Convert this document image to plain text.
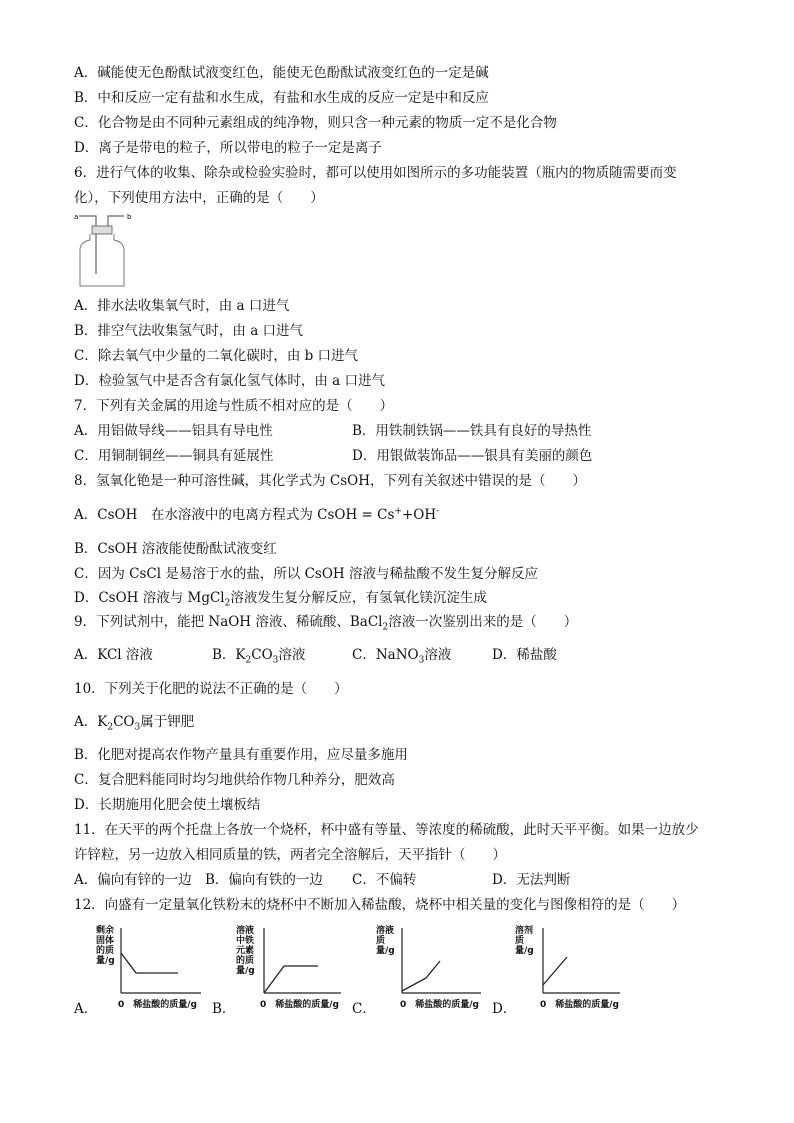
A．碱能使无色酚酞试液变红色，能使无色酚酞试液变红色的一定是碱
B．中和反应一定有盐和水生成，有盐和水生成的反应一定是中和反应
C．化合物是由不同种元素组成的纯净物，则只含一种元素的物质一定不是化合物
D．离子是带电的粒子，所以带电的粒子一定是离子
6．进行气体的收集、除杂或检验实验时，都可以使用如图所示的多功能装置（瓶内的物质随需要而变
化），下列使用方法中，正确的是（　　）
a	b
A．排水法收集氧气时，由 a 口进气
B．排空气法收集氢气时，由 a 口进气
C．除去氧气中少量的二氧化碳时，由 b 口进气
D．检验氢气中是否含有氯化氢气体时，由 a 口进气
7．下列有关金属的用途与性质不相对应的是（　　）
A．用铝做导线——铝具有导电性	B．用铁制铁锅——铁具有良好的导热性
C．用铜制铜丝——铜具有延展性	D．用银做装饰品——银具有美丽的颜色
8．氢氧化铯是一种可溶性碱，其化学式为 CsOH，下列有关叙述中错误的是（　　）
A．CsOH　在水溶液中的电离方程式为 CsOH = Cs++OH-
B．CsOH 溶液能使酚酞试液变红
C．因为 CsCl 是易溶于水的盐，所以 CsOH 溶液与稀盐酸不发生复分解反应
D．CsOH 溶液与 MgCl$_2$溶液发生复分解反应，有氢氧化镁沉淀生成
9．下列试剂中，能把 NaOH 溶液、稀硫酸、BaCl$_2$溶液一次鉴别出来的是（　　）
A．KCl 溶液	B．$K_2CO_3$溶液	C．NaNO$_3$溶液	D．稀盐酸
10．下列关于化肥的说法不正确的是（　　）
A．$K_2CO_3$属于钾肥
B．化肥对提高农作物产量具有重要作用，应尽量多施用
C．复合肥料能同时均匀地供给作物几种养分，肥效高
D．长期施用化肥会使土壤板结
11．在天平的两个托盘上各放一个烧杯，杯中盛有等量、等浓度的稀硫酸，此时天平平衡。如果一边放少
许锌粒，另一边放入相同质量的铁，两者完全溶解后，天平指针（　　）
A．偏向有锌的一边 B．偏向有铁的一边 C．不偏转	D．无法判断
12．向盛有一定量氧化铁粉末的烧杯中不断加入稀盐酸，烧杯中相关量的变化与图像相符的是（　　）
A．
剩余固体的质量/g
0　稀盐酸的质量/g B．
溶液中铁元素的质量/g
0　稀盐酸的质量/g C．
溶液质量/g
0　稀盐酸的质量/g D．
溶剂质量/g
0　稀盐酸的质量/g
